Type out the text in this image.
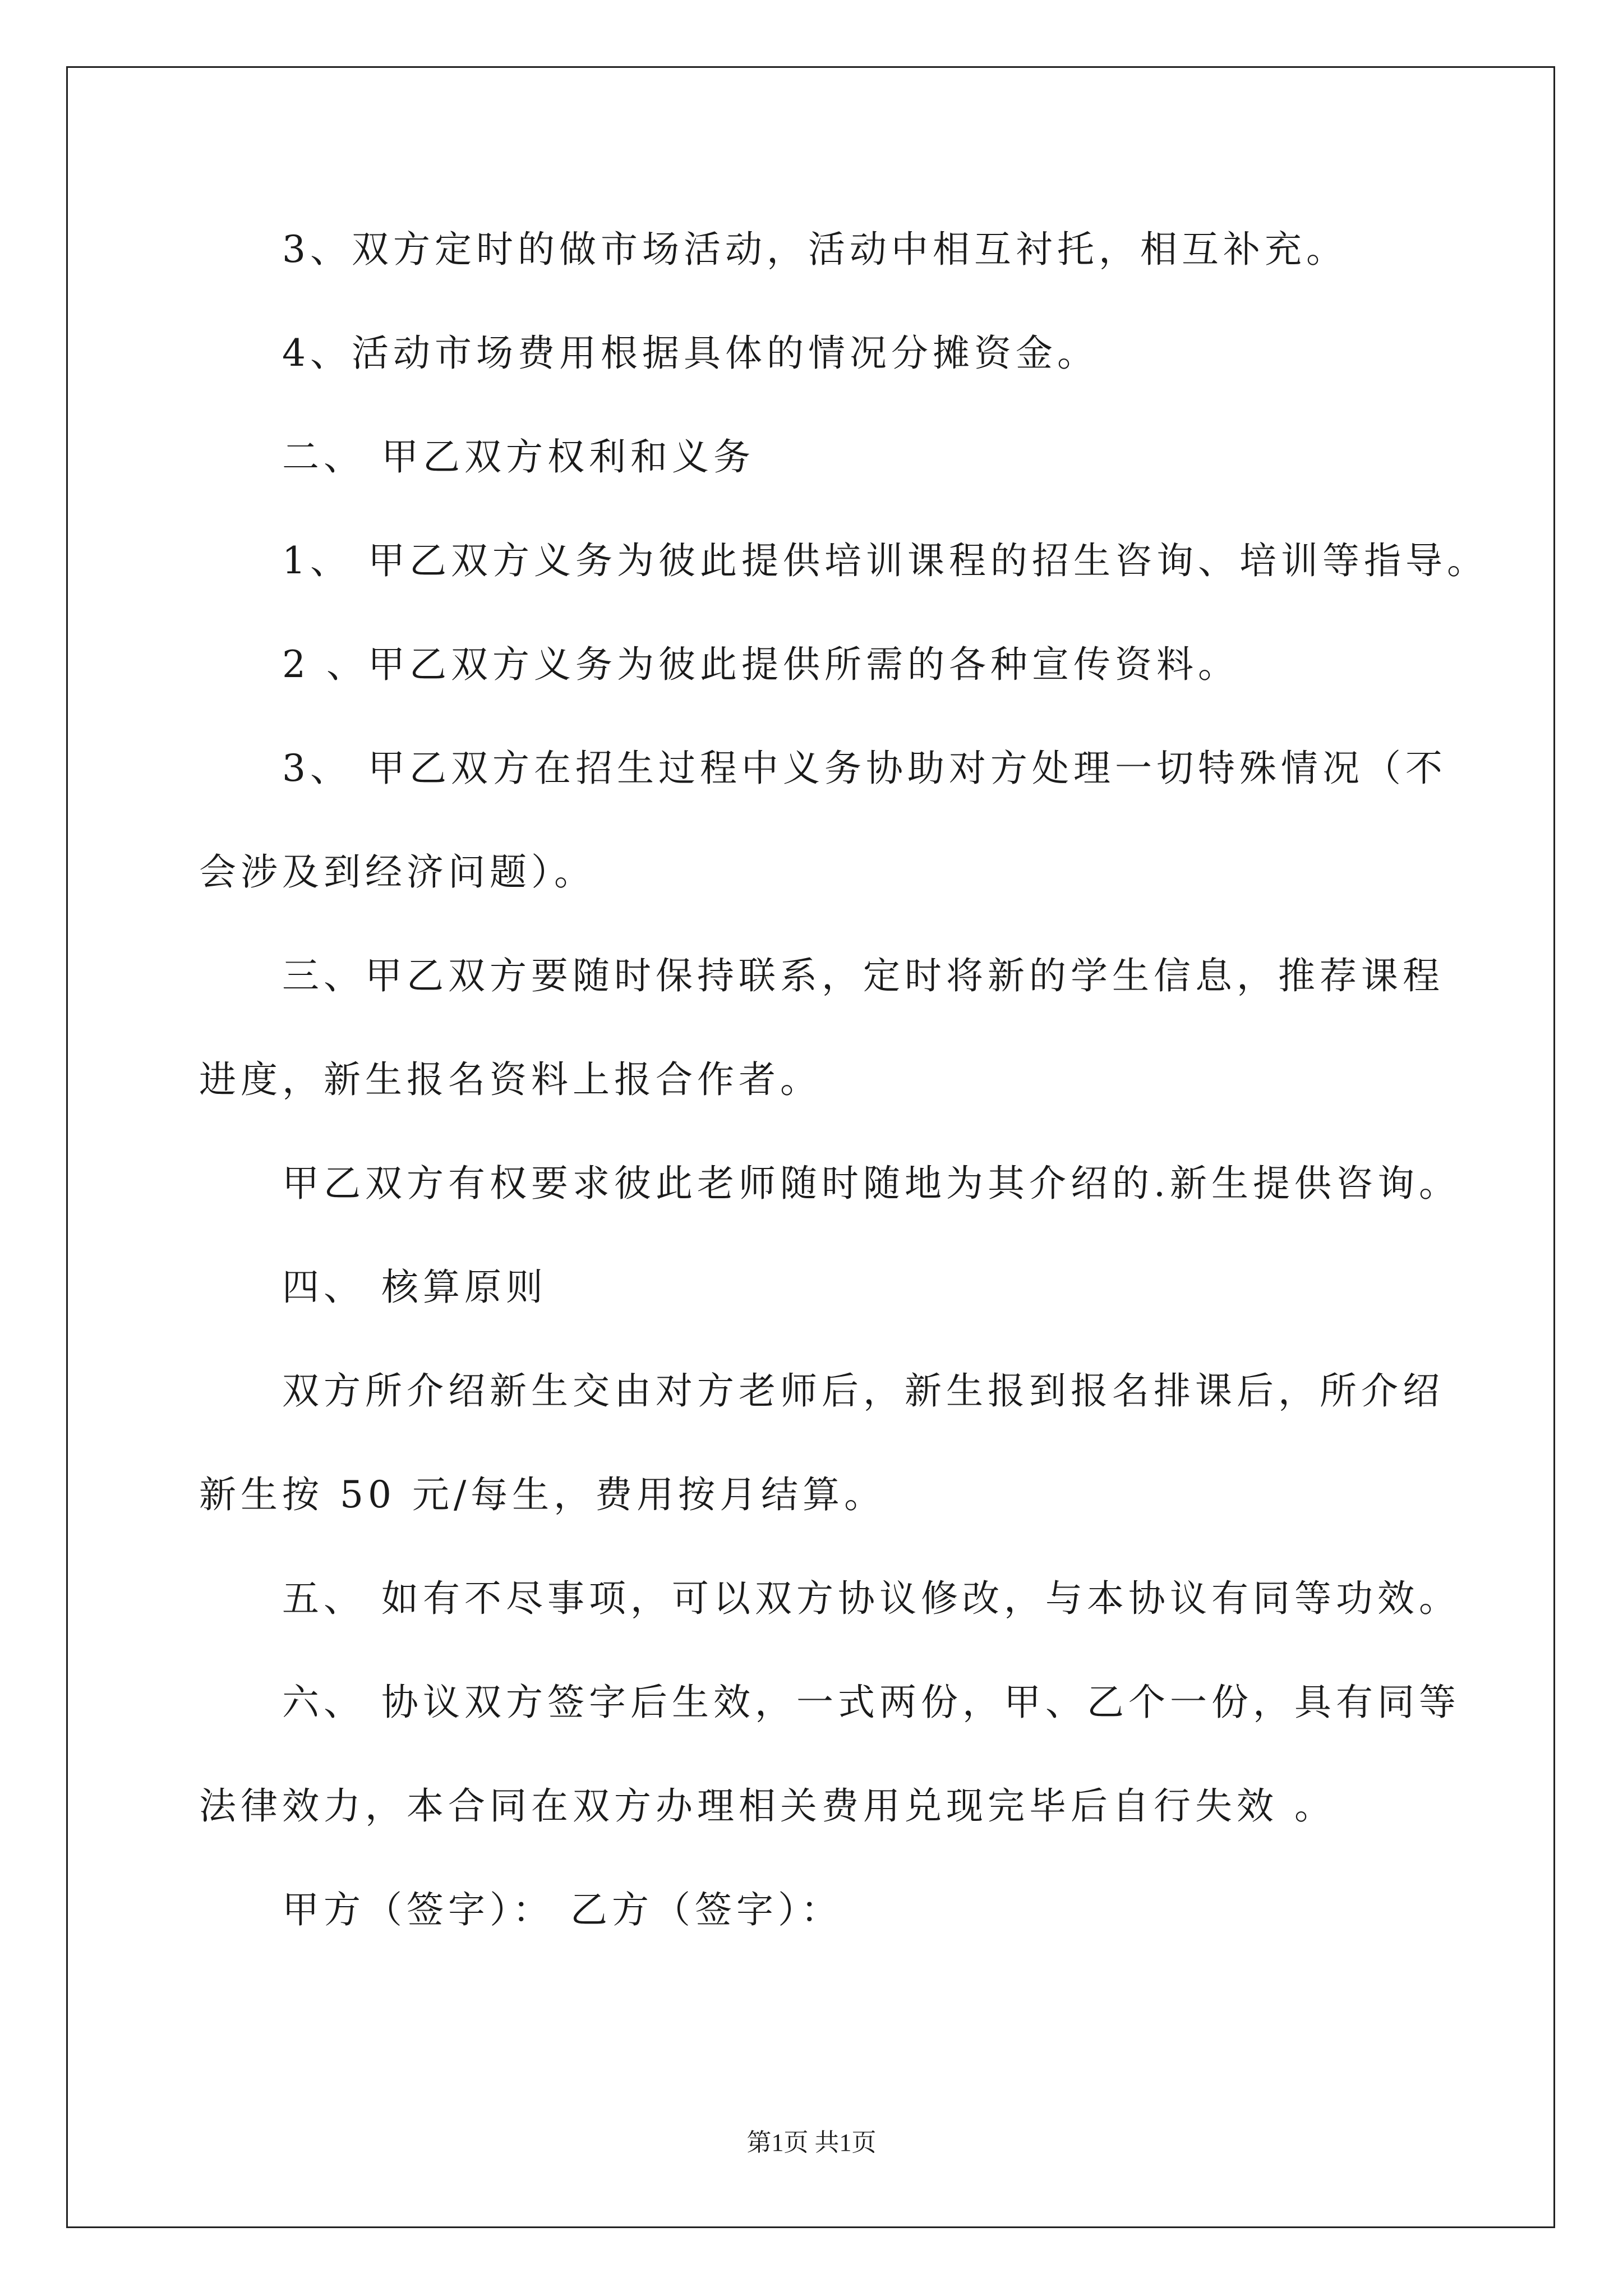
3、双方定时的做市场活动，活动中相互衬托，相互补充。
4、活动市场费用根据具体的情况分摊资金。
二、 甲乙双方权利和义务
1、 甲乙双方义务为彼此提供培训课程的招生咨询、培训等指导。
2 、甲乙双方义务为彼此提供所需的各种宣传资料。
3、 甲乙双方在招生过程中义务协助对方处理一切特殊情况（不
会涉及到经济问题）。
三、甲乙双方要随时保持联系，定时将新的学生信息，推荐课程
进度，新生报名资料上报合作者。
甲乙双方有权要求彼此老师随时随地为其介绍的.新生提供咨询。
四、 核算原则
双方所介绍新生交由对方老师后，新生报到报名排课后，所介绍
新生按 50 元/每生，费用按月结算。
五、 如有不尽事项，可以双方协议修改，与本协议有同等功效。
六、 协议双方签字后生效，一式两份，甲、乙个一份，具有同等
法律效力，本合同在双方办理相关费用兑现完毕后自行失效 。
甲方（签字）： 乙方（签字）：
第1页 共1页
